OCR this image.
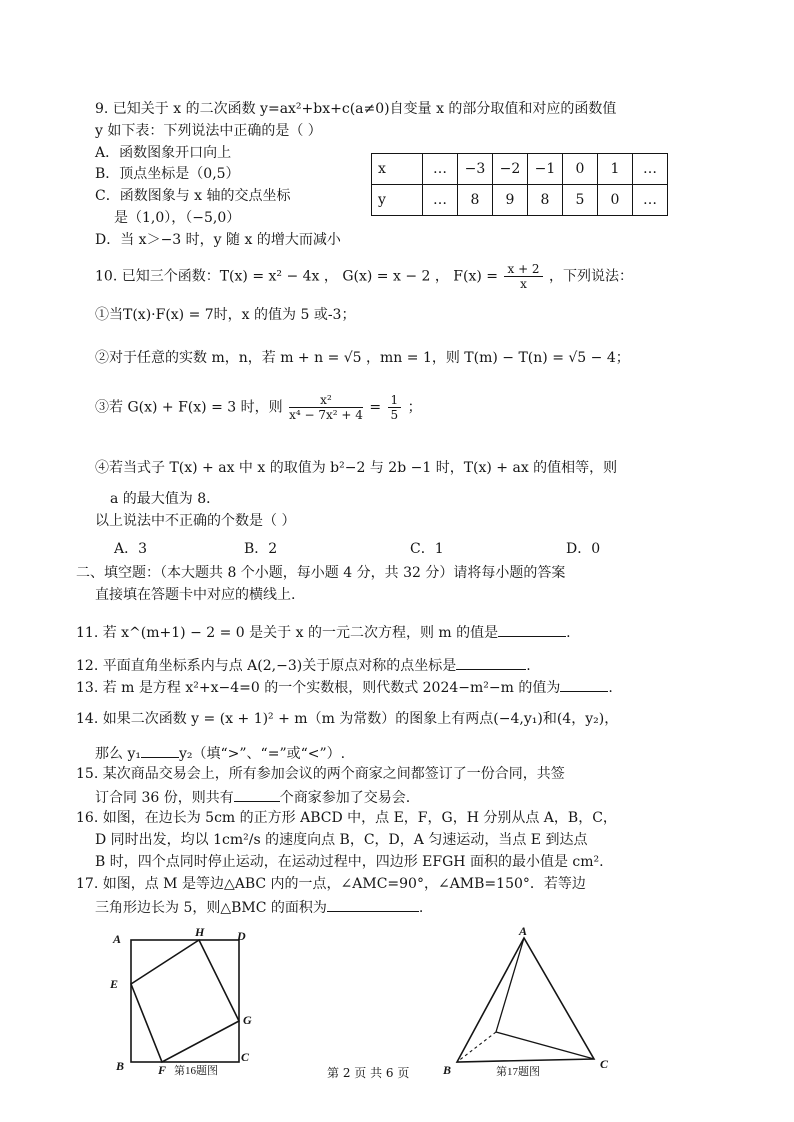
9. 已知关于 x 的二次函数 y=ax²+bx+c(a≠0)自变量 x 的部分取值和对应的函数值
y 如下表：下列说法中正确的是（ ）
A．函数图象开口向上
B．顶点坐标是（0,5）
C．函数图象与 x 轴的交点坐标
是（1,0），（−5,0）
D．当 x＞−3 时，y 随 x 的增大而减小
x	…	−3	−2	−1	0	1	…
y	…	8	9	8	5	0	…
10. 已知三个函数：T(x) = x² − 4x ， G(x) = x − 2 ， $F(x) = \frac{x + 2}{x}$ ，下列说法：
①当T(x)·F(x) = 7时，x 的值为 5 或-3；
②对于任意的实数 m，n，若 m + n = √5 ，mn = 1，则 T(m) − T(n) = √5 − 4；
③若 G(x) + F(x) = 3 时，则 $\frac{\text{x²}}{\text{x⁴ − 7x² + 4}} = \frac{1}{5}$ ；
④若当式子 T(x) + ax 中 x 的取值为 b²−2 与 2b −1 时，T(x) + ax 的值相等，则
a 的最大值为 8．
以上说法中不正确的个数是（ ）
A．3	B．2	C．1	D．0
二、填空题：（本大题共 8 个小题，每小题 4 分，共 32 分）请将每小题的答案
直接填在答题卡中对应的横线上.
11. 若 x^(m+1) − 2 = 0 是关于 x 的一元二次方程，则 m 的值是	.
12. 平面直角坐标系内与点 A(2,−3)关于原点对称的点坐标是	.
13. 若 m 是方程 x²+x−4=0 的一个实数根，则代数式 2024−m²−m 的值为	.
14. 如果二次函数 y = (x + 1)² + m（m 为常数）的图象上有两点(−4,y₁)和(4，y₂)，
那么 y₁	y₂（填“>”、“=”或“<”）.
15. 某次商品交易会上，所有参加会议的两个商家之间都签订了一份合同，共签
订合同 36 份，则共有	个商家参加了交易会.
16. 如图，在边长为 5cm 的正方形 ABCD 中，点 E，F，G，H 分别从点 A，B，C，
D 同时出发，均以 1cm²/s 的速度向点 B，C，D，A 匀速运动，当点 E 到达点
B 时，四个点同时停止运动，在运动过程中，四边形 EFGH 面积的最小值是 cm².
17. 如图，点 M 是等边△ABC 内的一点，∠AMC=90°，∠AMB=150°．若等边
三角形边长为 5，则△BMC 的面积为	.
A	H	D
E
G
B	F
C
第16题图
A
B	C
第17题图
第 2 页 共 6 页
